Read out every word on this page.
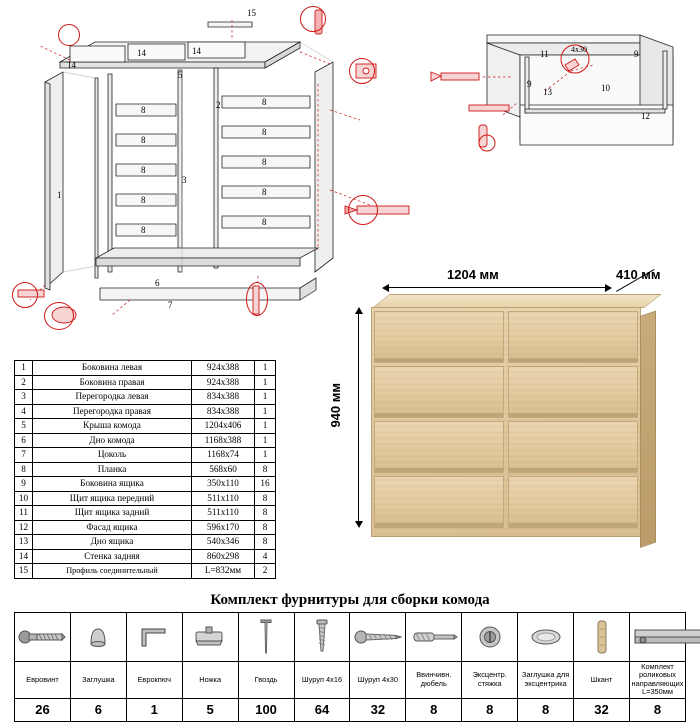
15
14
14	14
5
1
2
3
6
7
8
8
8
8
8
8
8
8
8
8
11	9
9
13
4х30
10
12
1204 мм	410 мм
940 мм
1	Боковина левая	924х388	1
2	Боковина правая	924х388	1
3	Перегородка левая	834х388	1
4	Перегородка правая	834х388	1
5	Крыша комода	1204х406	1
6	Дно комода	1168х388	1
7	Цоколь	1168х74	1
8	Планка	568х60	8
9	Боковина ящика	350х110	16
10	Щит ящика передний	511х110	8
11	Щит ящика задний	511х110	8
12	Фасад ящика	596х170	8
13	Дно ящика	540х346	8
14	Стенка задняя	860х298	4
15	Профиль соединительный	L=832мм	2
Комплект фурнитуры для сборки комода

Евровинт	Заглушка	Еврокпюч	Ножка	Гвоздь	Шуруп 4х16	Шуруп 4х30	Ввинчивн. дюбель	Эксцентр. стяжка	Заглушка для эксцентрика	Шкант	Комплект роликовых направляющих L=350мм
26	6	1	5	100	64	32	8	8	8	32	8
